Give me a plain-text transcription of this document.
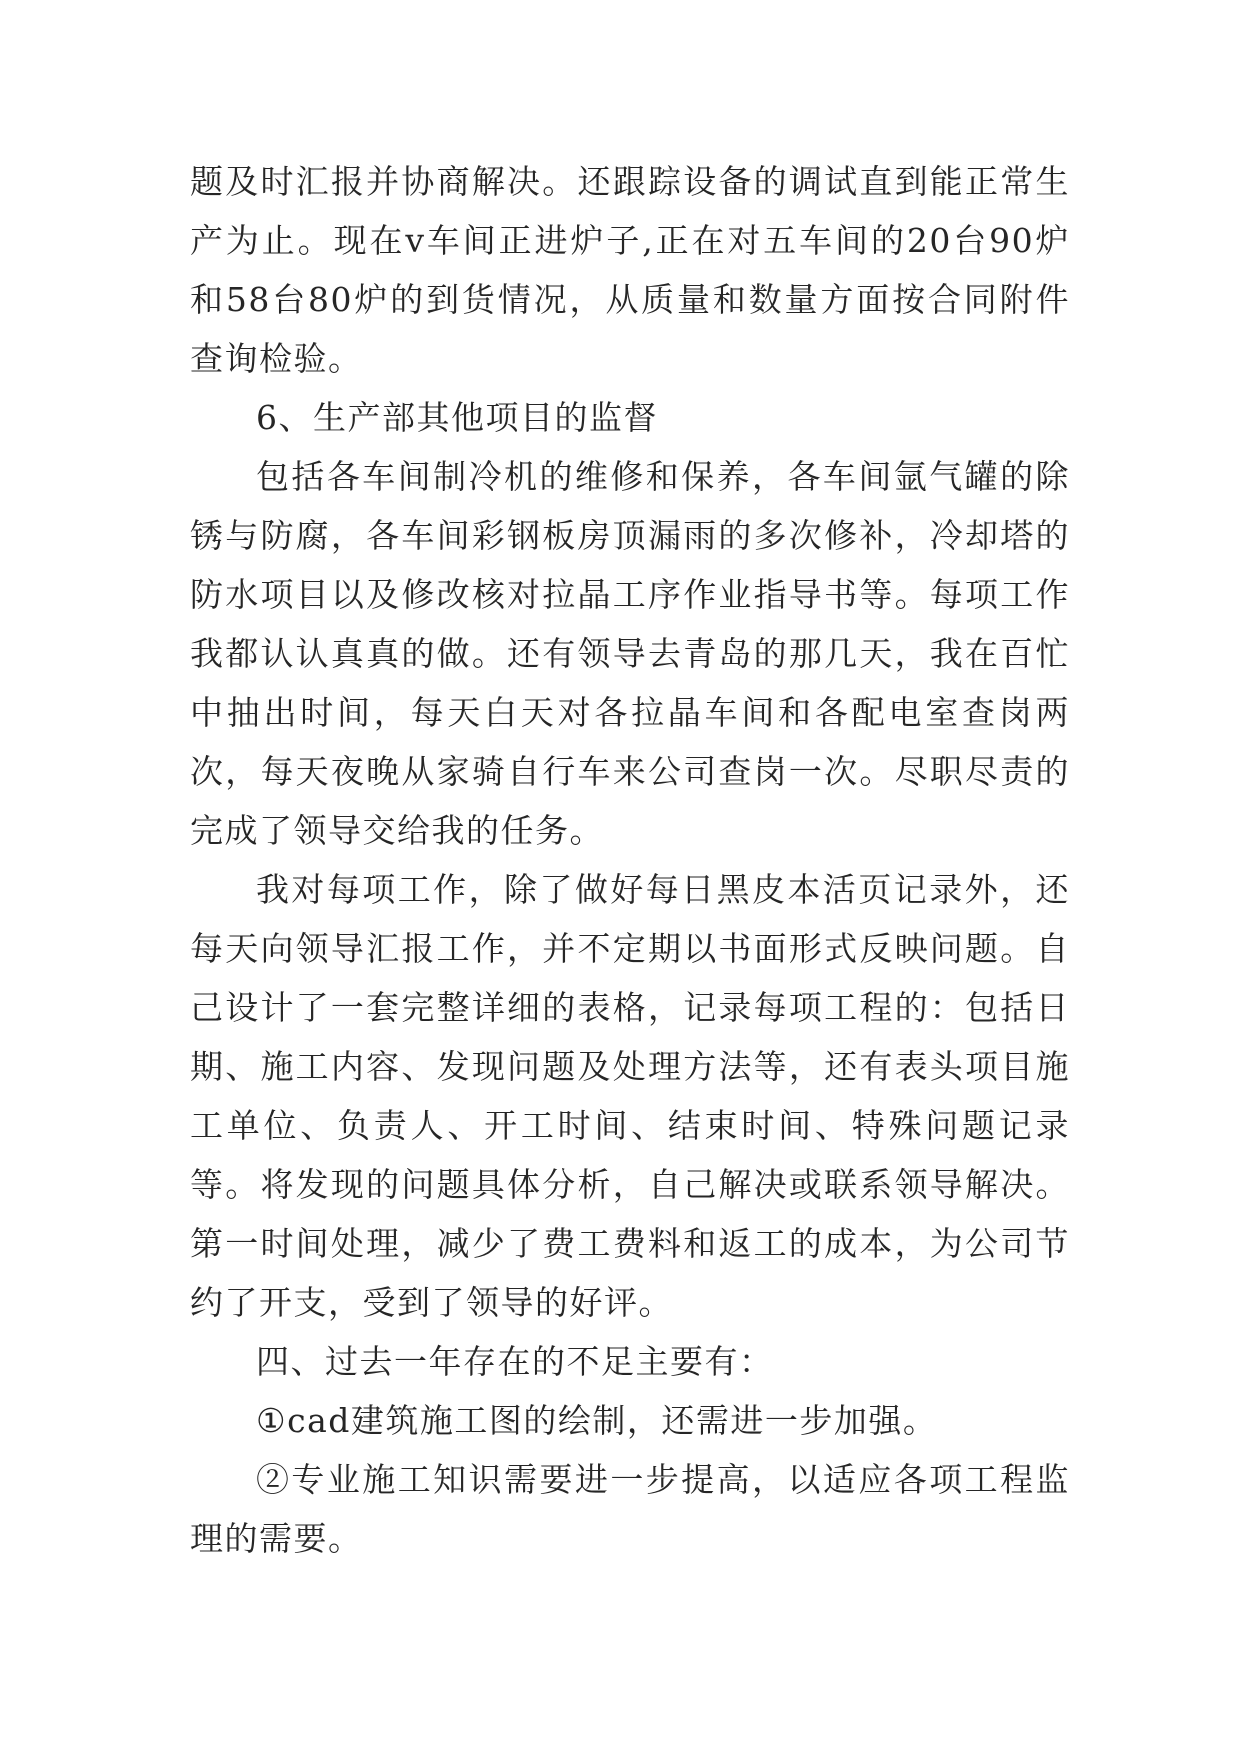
题及时汇报并协商解决。还跟踪设备的调试直到能正常生产为止。现在v车间正进炉子,正在对五车间的20台90炉和58台80炉的到货情况，从质量和数量方面按合同附件查询检验。

6、生产部其他项目的监督

包括各车间制冷机的维修和保养，各车间氩气罐的除锈与防腐，各车间彩钢板房顶漏雨的多次修补，冷却塔的防水项目以及修改核对拉晶工序作业指导书等。每项工作我都认认真真的做。还有领导去青岛的那几天，我在百忙中抽出时间，每天白天对各拉晶车间和各配电室查岗两次，每天夜晚从家骑自行车来公司查岗一次。尽职尽责的完成了领导交给我的任务。

我对每项工作，除了做好每日黑皮本活页记录外，还每天向领导汇报工作，并不定期以书面形式反映问题。自己设计了一套完整详细的表格，记录每项工程的：包括日期、施工内容、发现问题及处理方法等，还有表头项目施工单位、负责人、开工时间、结束时间、特殊问题记录等。将发现的问题具体分析，自己解决或联系领导解决。第一时间处理，减少了费工费料和返工的成本，为公司节约了开支，受到了领导的好评。

四、过去一年存在的不足主要有：

①cad建筑施工图的绘制，还需进一步加强。

②专业施工知识需要进一步提高，以适应各项工程监理的需要。
